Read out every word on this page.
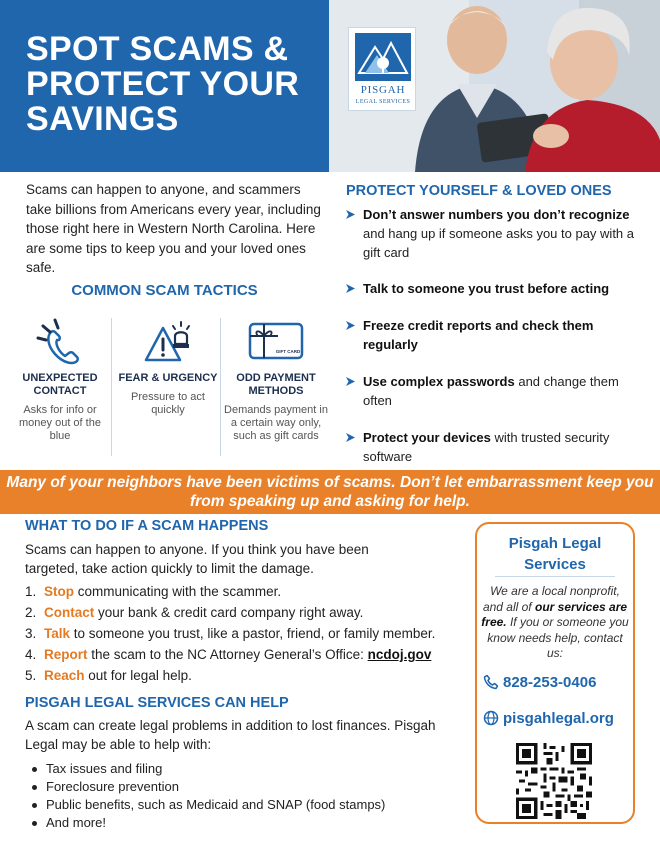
SPOT SCAMS & PROTECT YOUR SAVINGS
PISGAH
LEGAL SERVICES
Scams can happen to anyone, and scammers take billions from Americans every year, including those right here in Western North Carolina. Here are some tips to keep you and your loved ones safe.
COMMON SCAM TACTICS
UNEXPECTED CONTACT
Asks for info or money out of the blue
FEAR & URGENCY
Pressure to act quickly
GIFT CARD
ODD PAYMENT METHODS
Demands payment in a certain way only, such as gift cards
PROTECT YOURSELF & LOVED ONES
Don’t answer numbers you don’t recognize and hang up if someone asks you to pay with a gift card
Talk to someone you trust before acting
Freeze credit reports and check them regularly
Use complex passwords and change them often
Protect your devices with trusted security software
Many of your neighbors have been victims of scams. Don’t let embarrassment keep you from speaking up and asking for help.
WHAT TO DO IF A SCAM HAPPENS
Scams can happen to anyone. If you think you have been targeted, take action quickly to limit the damage.
1. Stop communicating with the scammer.
2. Contact your bank & credit card company right away.
3. Talk to someone you trust, like a pastor, friend, or family member.
4. Report the scam to the NC Attorney General’s Office: ncdoj.gov
5. Reach out for legal help.
PISGAH LEGAL SERVICES CAN HELP
A scam can create legal problems in addition to lost finances. Pisgah Legal may be able to help with:
Tax issues and filing
Foreclosure prevention
Public benefits, such as Medicaid and SNAP (food stamps)
And more!
Pisgah Legal Services
We are a local nonprofit, and all of our services are free. If you or someone you know needs help, contact us:
828-253-0406
pisgahlegal.org
